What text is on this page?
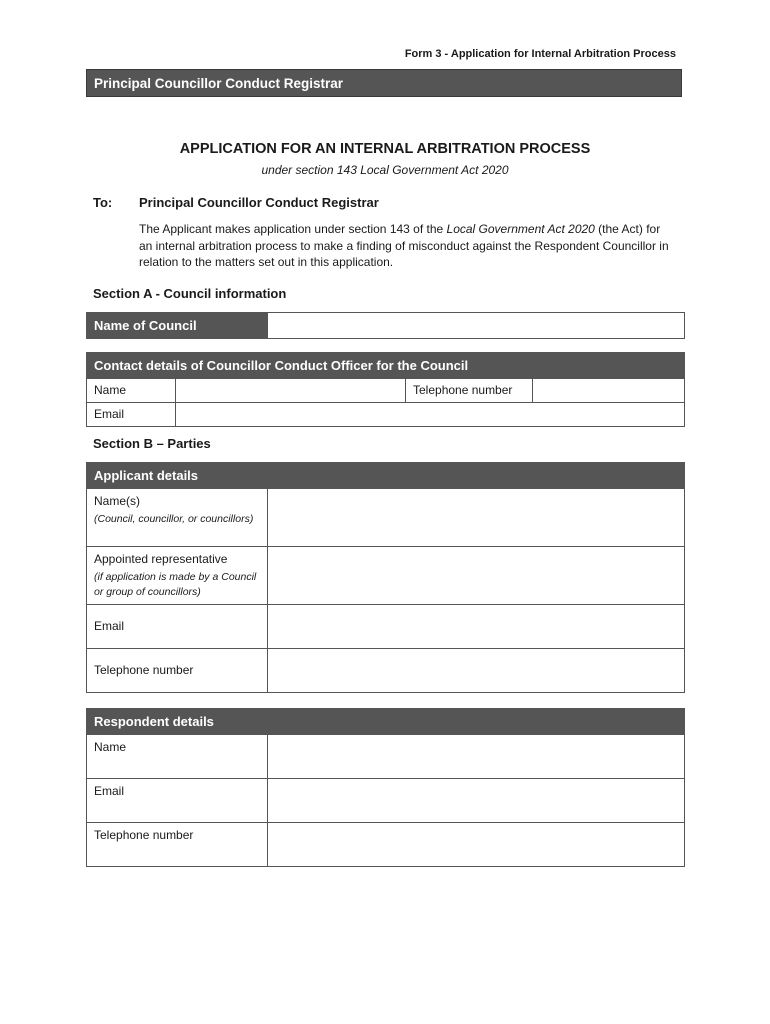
Form 3 - Application for Internal Arbitration Process
Principal Councillor Conduct Registrar
APPLICATION FOR AN INTERNAL ARBITRATION PROCESS
under section 143 Local Government Act 2020
To: Principal Councillor Conduct Registrar
The Applicant makes application under section 143 of the Local Government Act 2020 (the Act) for an internal arbitration process to make a finding of misconduct against the Respondent Councillor in relation to the matters set out in this application.
Section A - Council information
Name of Council	
Contact details of Councillor Conduct Officer for the Council			
Name		Telephone number	
Email			
Section B – Parties
Applicant details	
Name(s)
(Council, councillor, or councillors)	

Appointed representative
(if application is made by a Council or group of councillors)	

Email	
Telephone number	
Respondent details	
Name	
Email	
Telephone number	
